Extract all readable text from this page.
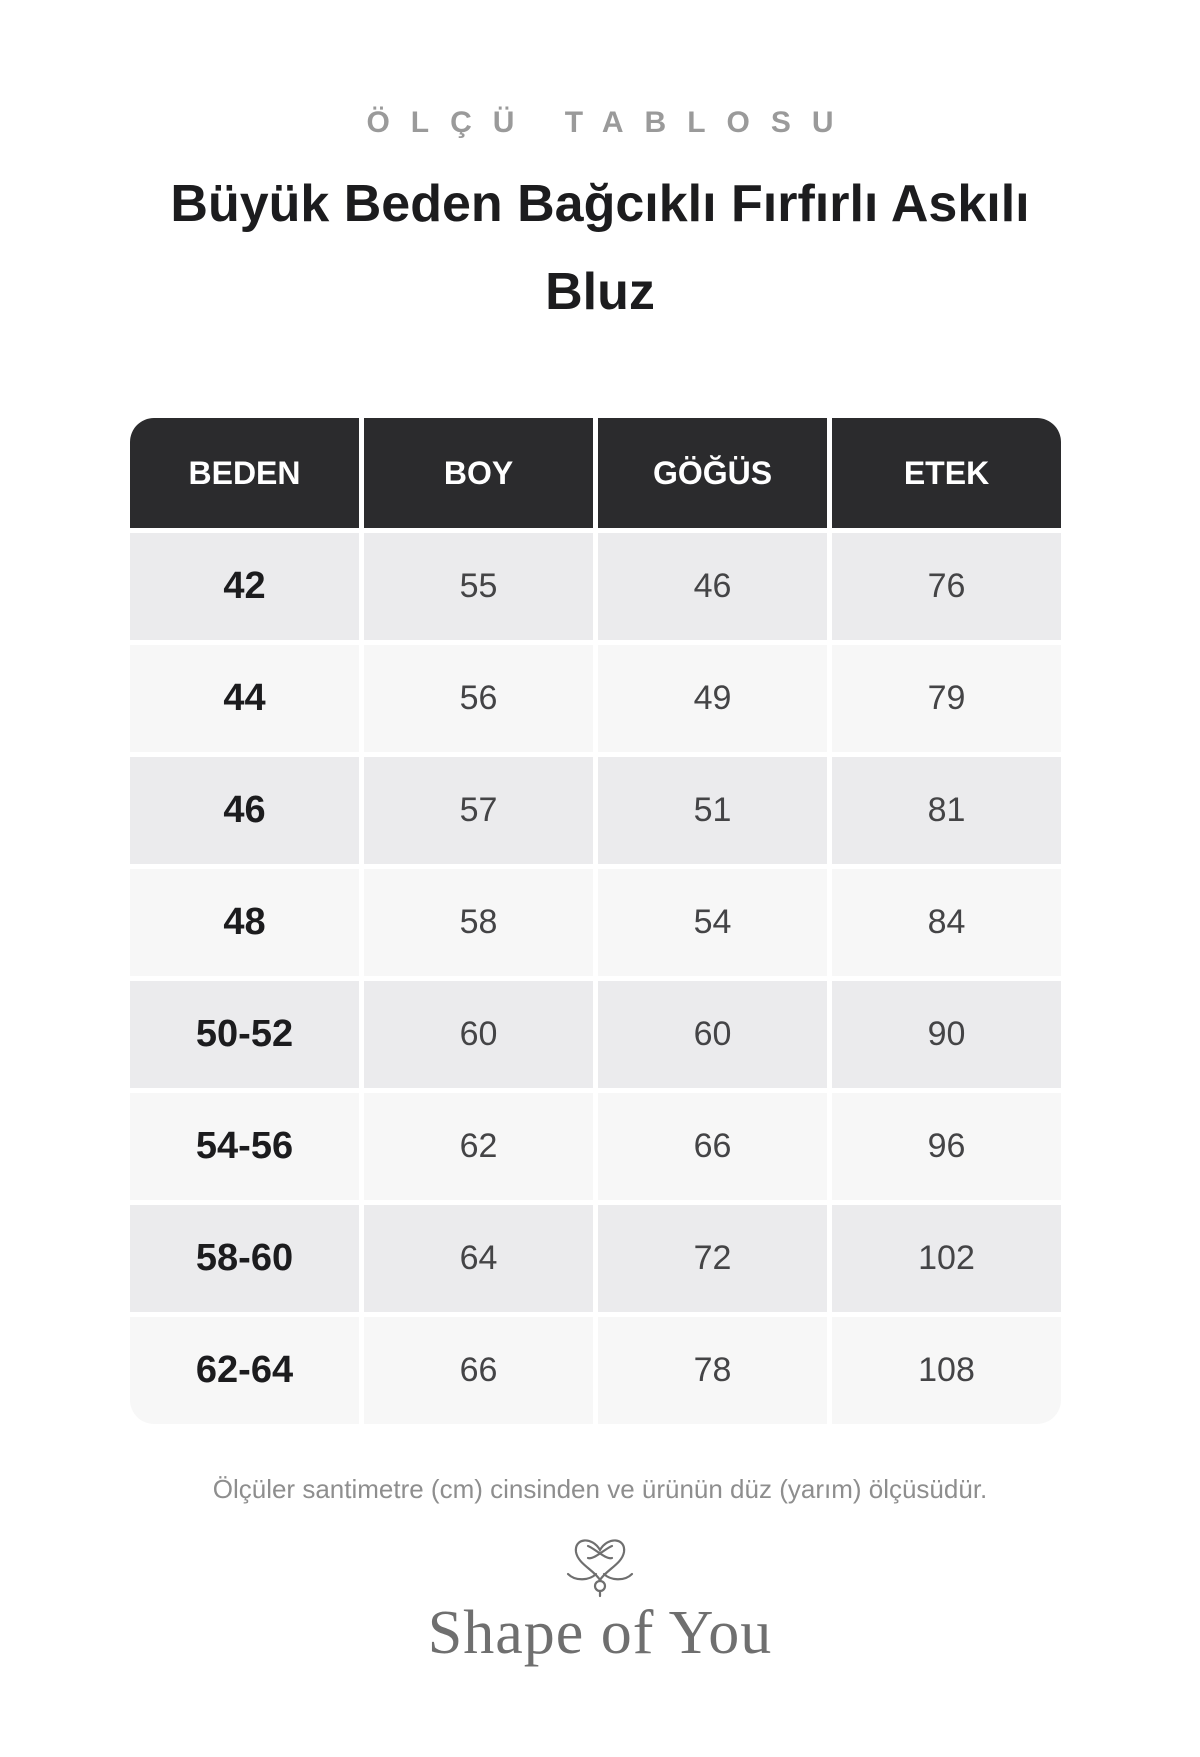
ÖLÇÜ TABLOSU
Büyük Beden Bağcıklı Fırfırlı Askılı Bluz
BEDEN	BOY	GÖĞÜS	ETEK
42	55	46	76
44	56	49	79
46	57	51	81
48	58	54	84
50-52	60	60	90
54-56	62	66	96
58-60	64	72	102
62-64	66	78	108
Ölçüler santimetre (cm) cinsinden ve ürünün düz (yarım) ölçüsüdür.
Shape of You
